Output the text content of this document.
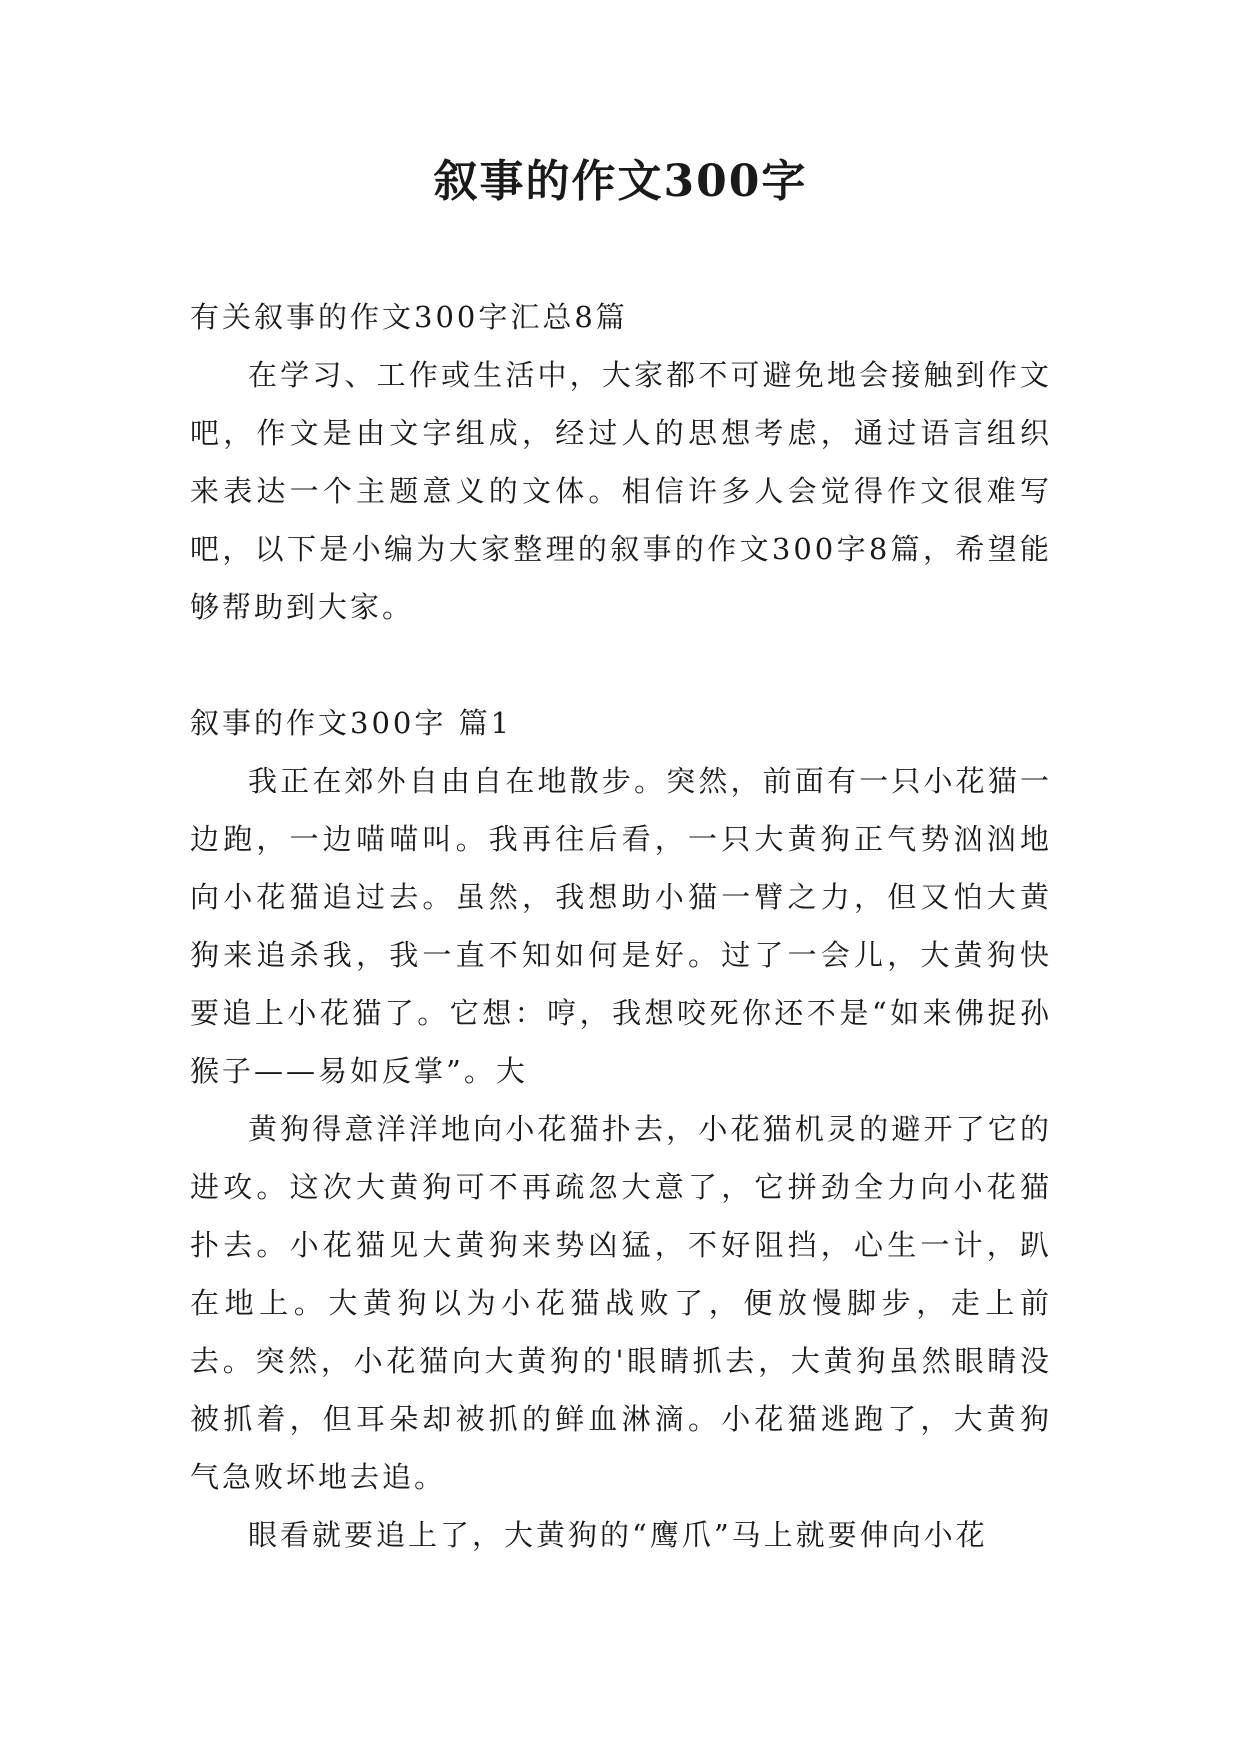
叙事的作文300字

有关叙事的作文300字汇总8篇

在学习、工作或生活中，大家都不可避免地会接触到作文吧，作文是由文字组成，经过人的思想考虑，通过语言组织来表达一个主题意义的文体。相信许多人会觉得作文很难写吧，以下是小编为大家整理的叙事的作文300字8篇，希望能够帮助到大家。

叙事的作文300字 篇1

我正在郊外自由自在地散步。突然，前面有一只小花猫一边跑，一边喵喵叫。我再往后看，一只大黄狗正气势汹汹地向小花猫追过去。虽然，我想助小猫一臂之力，但又怕大黄狗来追杀我，我一直不知如何是好。过了一会儿，大黄狗快要追上小花猫了。它想：哼，我想咬死你还不是“如来佛捉孙猴子——易如反掌”。大

黄狗得意洋洋地向小花猫扑去，小花猫机灵的避开了它的进攻。这次大黄狗可不再疏忽大意了，它拼劲全力向小花猫扑去。小花猫见大黄狗来势凶猛，不好阻挡，心生一计，趴在地上。大黄狗以为小花猫战败了，便放慢脚步，走上前去。突然，小花猫向大黄狗的'眼睛抓去，大黄狗虽然眼睛没被抓着，但耳朵却被抓的鲜血淋滴。小花猫逃跑了，大黄狗气急败坏地去追。

眼看就要追上了，大黄狗的“鹰爪”马上就要伸向小花
